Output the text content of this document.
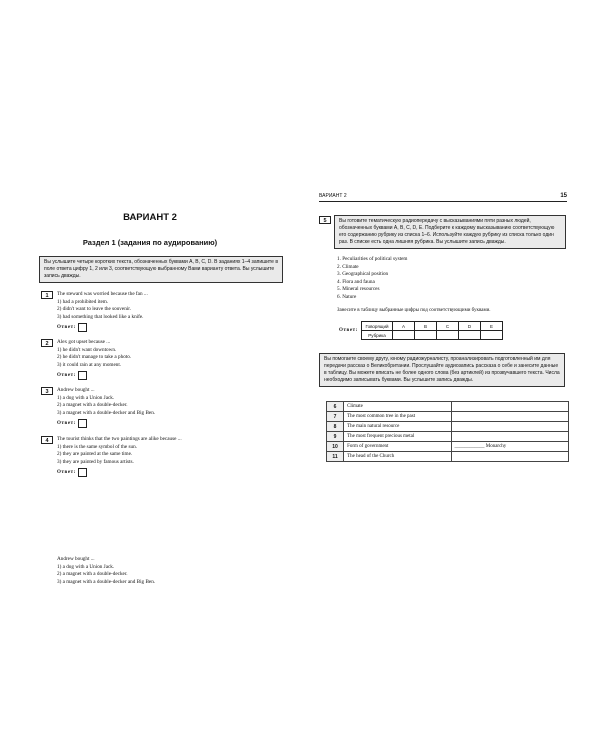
ВАРИАНТ 2
Раздел 1 (задания по аудированию)
Вы услышите четыре коротких текста, обозначенных буквами A, B, C, D. В заданиях 1–4 запишите в поле ответа цифру 1, 2 или 3, соответствующую выбранному Вами варианту ответа. Вы услышите запись дважды.
1	The steward was worried because the fan ...
1) had a prohibited item.
2) didn't want to leave the souvenir.
3) had something that looked like a knife.
Ответ:
2	Alex got upset because ...
1) he didn't want downtown.
2) he didn't manage to take a photo.
3) it could rain at any moment.
Ответ:
3	Andrew bought ...
1) a dog with a Union Jack.
2) a magnet with a double-decker.
3) a magnet with a double-decker and Big Ben.
Ответ:
4	The tourist thinks that the two paintings are alike because ...
1) there is the same symbol of the sun.
2) they are painted at the same time.
3) they are painted by famous artists.
Ответ:
Andrew bought ...
1) a dog with a Union Jack.
2) a magnet with a double-decker.
3) a magnet with a double-decker and Big Ben.
ВАРИАНТ 2	15
5	Вы готовите тематическую радиопередачу с высказываниями пяти разных людей, обозначенных буквами A, B, C, D, E. Подберите к каждому высказыванию соответствующую его содержанию рубрику из списка 1–6. Используйте каждую рубрику из списка только один раз. В списке есть одна лишняя рубрика. Вы услышите запись дважды.
1. Peculiarities of political system
2. Climate
3. Geographical position
4. Flora and fauna
5. Mineral resources
6. Nature
Занесите в таблицу выбранные цифры под соответствующими буквами.
Ответ:
Говорящий	A	B	C	D	E
Рубрика					
Вы помогаете своему другу, юному радиожурналисту, проанализировать подготовленный им для передачи рассказ о Великобритании. Прослушайте аудиозапись рассказа о себе и занесите данные в таблицу. Вы можете вписать не более одного слова (без артиклей) из прозвучавшего текста. Числа необходимо записывать буквами. Вы услышите запись дважды.
6	Climate	
7	The most common tree in the past	
8	The main natural resource	
9	The most frequent precious metal	
10	Form of government	____________ Monarchy
11	The head of the Church	
